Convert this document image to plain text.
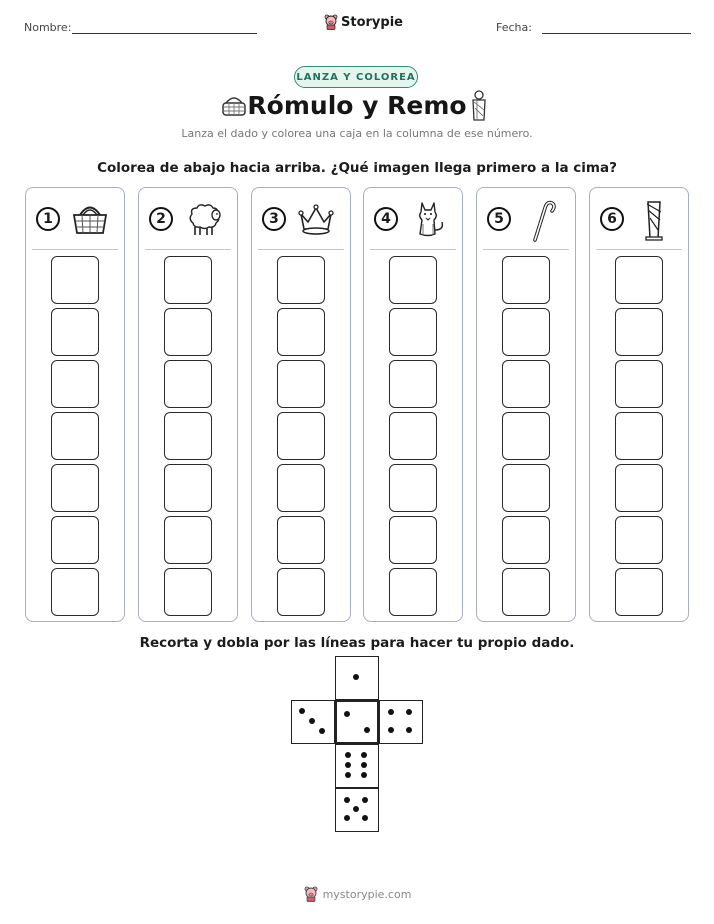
Nombre:	Storypie	Fecha:
LANZA Y COLOREA
Rómulo y Remo
Lanza el dado y colorea una caja en la columna de ese número.
Colorea de abajo hacia arriba. ¿Qué imagen llega primero a la cima?
1	2	3	4	5	6
Recorta y dobla por las líneas para hacer tu propio dado.
mystorypie.com
